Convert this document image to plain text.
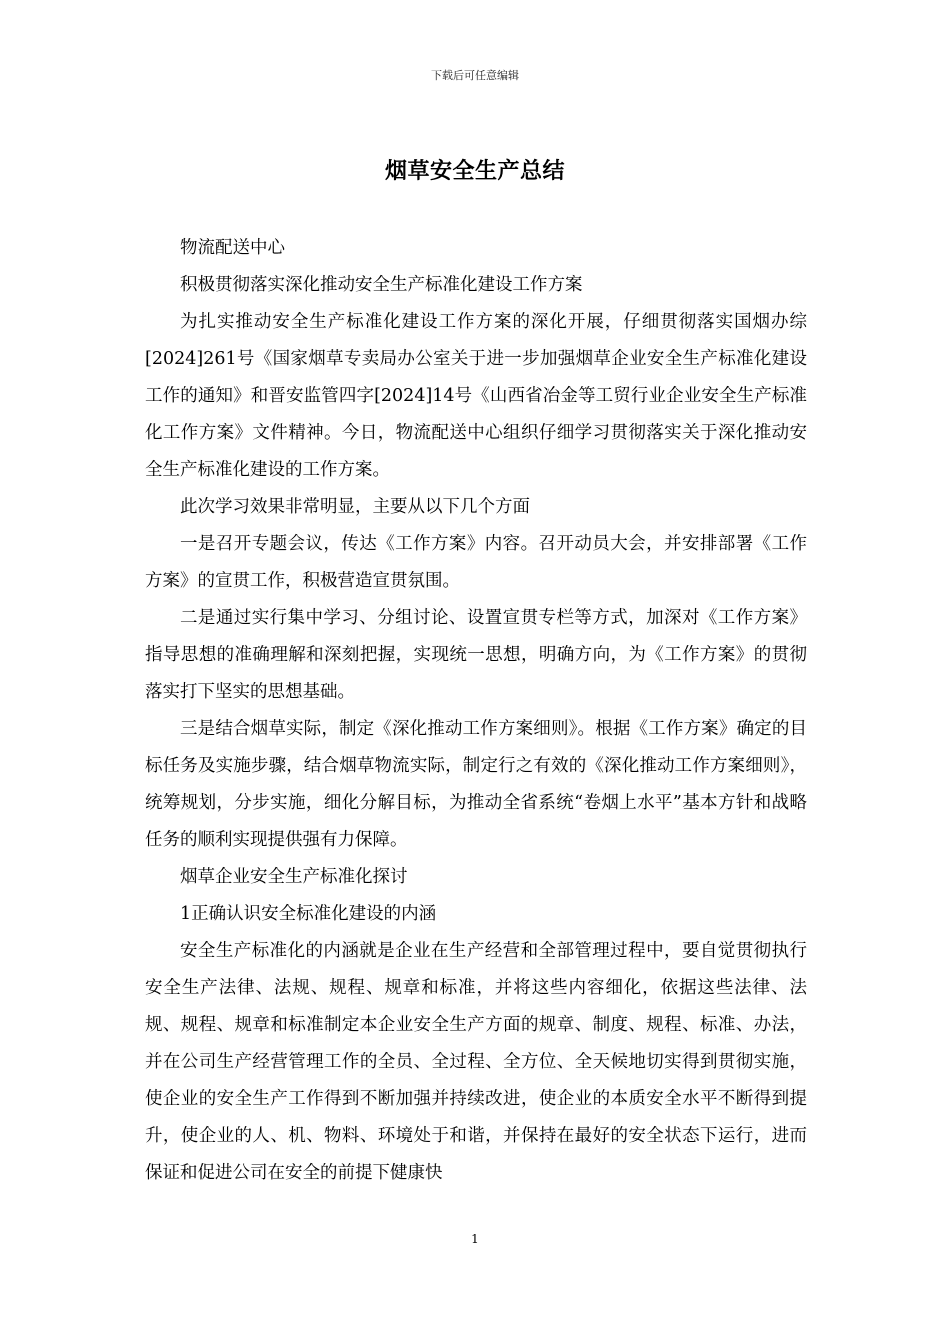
下载后可任意编辑
烟草安全生产总结

物流配送中心

积极贯彻落实深化推动安全生产标准化建设工作方案

为扎实推动安全生产标准化建设工作方案的深化开展，仔细贯彻落实国烟办综[2024]261号《国家烟草专卖局办公室关于进一步加强烟草企业安全生产标准化建设工作的通知》和晋安监管四字[2024]14号《山西省冶金等工贸行业企业安全生产标准化工作方案》文件精神。今日，物流配送中心组织仔细学习贯彻落实关于深化推动安全生产标准化建设的工作方案。

此次学习效果非常明显，主要从以下几个方面

一是召开专题会议，传达《工作方案》内容。召开动员大会，并安排部署《工作方案》的宣贯工作，积极营造宣贯氛围。

二是通过实行集中学习、分组讨论、设置宣贯专栏等方式，加深对《工作方案》指导思想的准确理解和深刻把握，实现统一思想，明确方向，为《工作方案》的贯彻落实打下坚实的思想基础。

三是结合烟草实际，制定《深化推动工作方案细则》。根据《工作方案》确定的目标任务及实施步骤，结合烟草物流实际，制定行之有效的《深化推动工作方案细则》，统筹规划，分步实施，细化分解目标，为推动全省系统“卷烟上水平”基本方针和战略任务的顺利实现提供强有力保障。

烟草企业安全生产标准化探讨

1正确认识安全标准化建设的内涵

安全生产标准化的内涵就是企业在生产经营和全部管理过程中，要自觉贯彻执行安全生产法律、法规、规程、规章和标准，并将这些内容细化，依据这些法律、法规、规程、规章和标准制定本企业安全生产方面的规章、制度、规程、标准、办法，并在公司生产经营管理工作的全员、全过程、全方位、全天候地切实得到贯彻实施，使企业的安全生产工作得到不断加强并持续改进，使企业的本质安全水平不断得到提升，使企业的人、机、物料、环境处于和谐，并保持在最好的安全状态下运行，进而保证和促进公司在安全的前提下健康快

1
